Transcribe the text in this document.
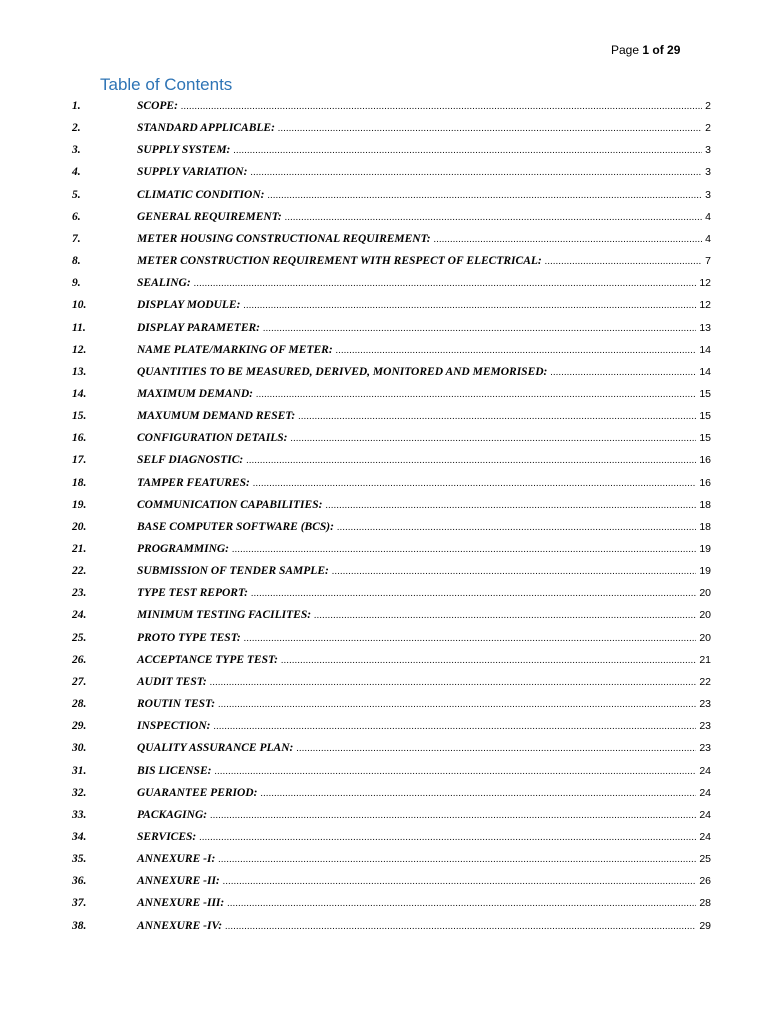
Page 1 of 29
Table of Contents
1.	SCOPE: .....	2
2.	STANDARD APPLICABLE: .....	2
3.	SUPPLY SYSTEM: .....	3
4.	SUPPLY VARIATION: .....	3
5.	CLIMATIC CONDITION: .....	3
6.	GENERAL REQUIREMENT: .....	4
7.	METER HOUSING CONSTRUCTIONAL REQUIREMENT: .....	4
8.	METER CONSTRUCTION REQUIREMENT WITH RESPECT OF ELECTRICAL: .....	7
9.	SEALING: .....	12
10.	DISPLAY MODULE: .....	12
11.	DISPLAY PARAMETER: .....	13
12.	NAME PLATE/MARKING OF METER: .....	14
13.	QUANTITIES TO BE MEASURED, DERIVED, MONITORED AND MEMORISED: .....	14
14.	MAXIMUM DEMAND: .....	15
15.	MAXUMUM DEMAND RESET: .....	15
16.	CONFIGURATION DETAILS: .....	15
17.	SELF DIAGNOSTIC: .....	16
18.	TAMPER FEATURES: .....	16
19.	COMMUNICATION CAPABILITIES: .....	18
20.	BASE COMPUTER SOFTWARE (BCS): .....	18
21.	PROGRAMMING: .....	19
22.	SUBMISSION OF TENDER SAMPLE: .....	19
23.	TYPE TEST REPORT: .....	20
24.	MINIMUM TESTING FACILITES: .....	20
25.	PROTO TYPE TEST: .....	20
26.	ACCEPTANCE TYPE TEST: .....	21
27.	AUDIT TEST: .....	22
28.	ROUTIN TEST: .....	23
29.	INSPECTION: .....	23
30.	QUALITY ASSURANCE PLAN: .....	23
31.	BIS LICENSE: .....	24
32.	GUARANTEE PERIOD: .....	24
33.	PACKAGING: .....	24
34.	SERVICES: .....	24
35.	ANNEXURE -I: .....	25
36.	ANNEXURE -II: .....	26
37.	ANNEXURE -III: .....	28
38.	ANNEXURE -IV: .....	29
